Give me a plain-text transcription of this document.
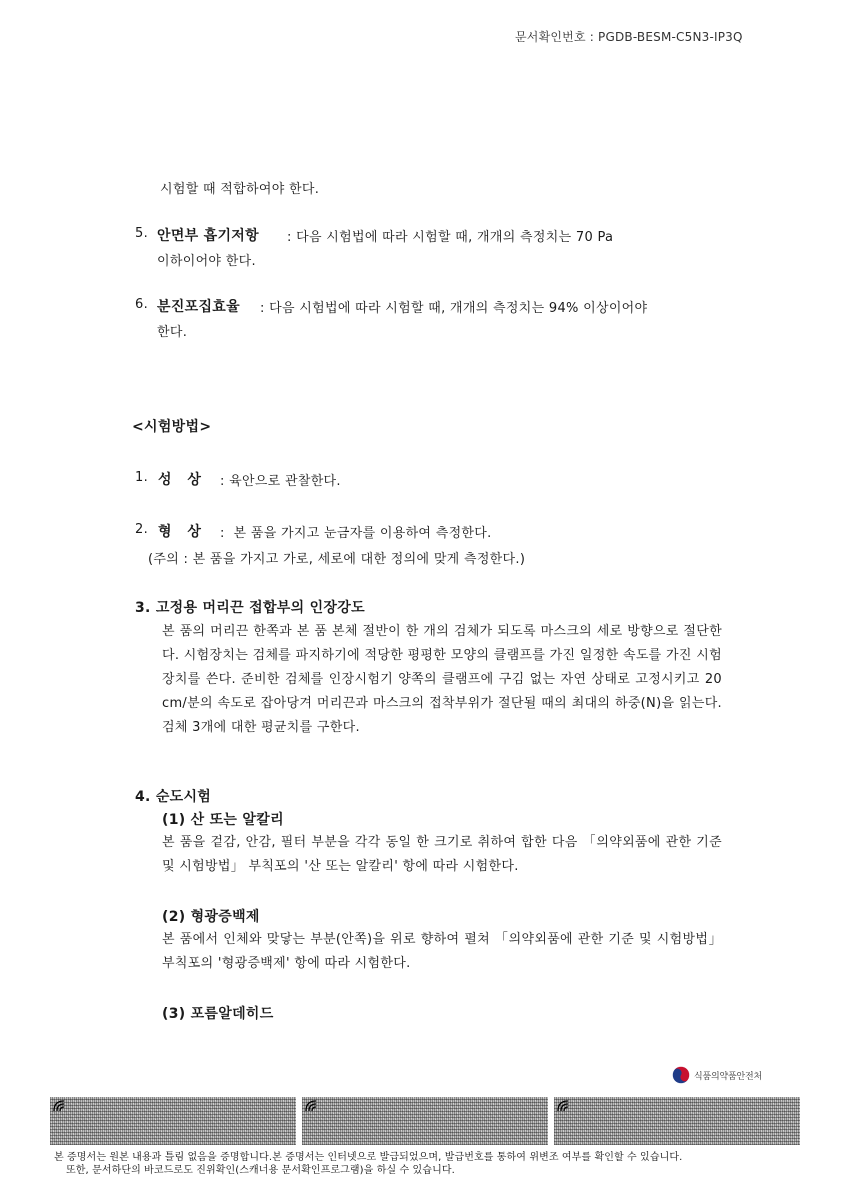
문서확인번호 : PGDB-BESM-C5N3-IP3Q
시험할 때 적합하여야 한다.
5. 안면부 흡기저항 : 다음 시험법에 따라 시험할 때, 개개의 측정치는 70 Pa
이하이어야 한다.
6. 분진포집효율 : 다음 시험법에 따라 시험할 때, 개개의 측정치는 94% 이상이어야
한다.
<시험방법>
1. 성   상 : 육안으로 관찰한다.
2. 형   상 :  본 품을 가지고 눈금자를 이용하여 측정한다.
(주의 : 본 품을 가지고 가로, 세로에 대한 정의에 맞게 측정한다.)
3. 고정용 머리끈 접합부의 인장강도
본 품의 머리끈 한쪽과 본 품 본체 절반이 한 개의 검체가 되도록 마스크의 세로 방향으로 절단한다. 시험장치는 검체를 파지하기에 적당한 평평한 모양의 클램프를 가진 일정한 속도를 가진 시험장치를 쓴다. 준비한 검체를 인장시험기 양쪽의 클램프에 구김 없는 자연 상태로 고정시키고 20 cm/분의 속도로 잡아당겨 머리끈과 마스크의 접착부위가 절단될 때의 최대의 하중(N)을 읽는다. 검체 3개에 대한 평균치를 구한다.
4. 순도시험
(1) 산 또는 알칼리
본 품을 겉감, 안감, 필터 부분을 각각 동일 한 크기로 취하여 합한 다음 「의약외품에 관한 기준 및 시험방법」 부칙포의 '산 또는 알칼리' 항에 따라 시험한다.
(2) 형광증백제
본 품에서 인체와 맞닿는 부분(안쪽)을 위로 향하여 펼쳐 「의약외품에 관한 기준 및 시험방법」 부칙포의 '형광증백제' 항에 따라 시험한다.
(3) 포름알데히드
식품의약품안전처
본 증명서는 원본 내용과 틀림 없음을 증명합니다.본 증명서는 인터넷으로 발급되었으며, 발급번호를 통하여 위변조 여부를 확인할 수 있습니다.
또한, 문서하단의 바코드로도 진위확인(스캐너용 문서확인프로그램)을 하실 수 있습니다.
